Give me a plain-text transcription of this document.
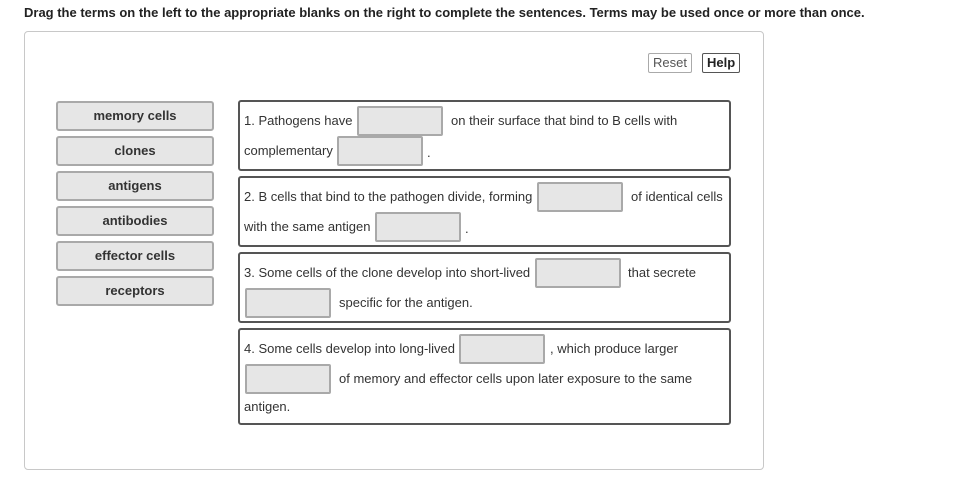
Drag the terms on the left to the appropriate blanks on the right to complete the sentences. Terms may be used once or more than once.
Reset	Help
memory cells
clones
antigens
antibodies
effector cells
receptors
1. Pathogens have	on their surface that bind to B cells with
complementary	.
2. B cells that bind to the pathogen divide, forming	of identical cells
with the same antigen	.
3. Some cells of the clone develop into short-lived	that secrete
specific for the antigen.
4. Some cells develop into long-lived	, which produce larger
of memory and effector cells upon later exposure to the same
antigen.
